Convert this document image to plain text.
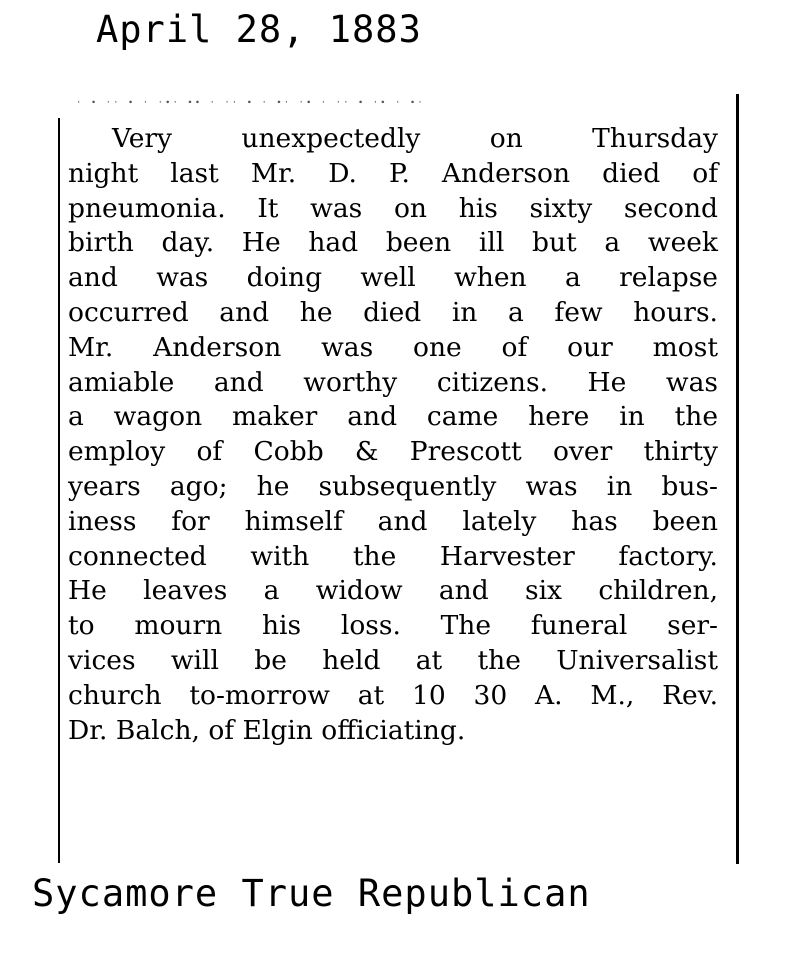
April 28, 1883
· ∙ ·· ∙ · ·∙· ∙∙ · ·· ∙ · ∙· ·∙ · ·· ∙ ·∙ · ∙·
Very unexpectedly on Thursday
night last Mr. D. P. Anderson died of
pneumonia. It was on his sixty second
birth day. He had been ill but a week
and was doing well when a relapse
occurred and he died in a few hours.
Mr. Anderson was one of our most
amiable and worthy citizens. He was
a wagon maker and came here in the
employ of Cobb & Prescott over thirty
years ago; he subsequently was in bus-
iness for himself and lately has been
connected with the Harvester factory.
He leaves a widow and six children,
to mourn his loss. The funeral ser-
vices will be held at the Universalist
church to-morrow at 10 30 A. M., Rev.
Dr. Balch, of Elgin officiating.
Sycamore True Republican
